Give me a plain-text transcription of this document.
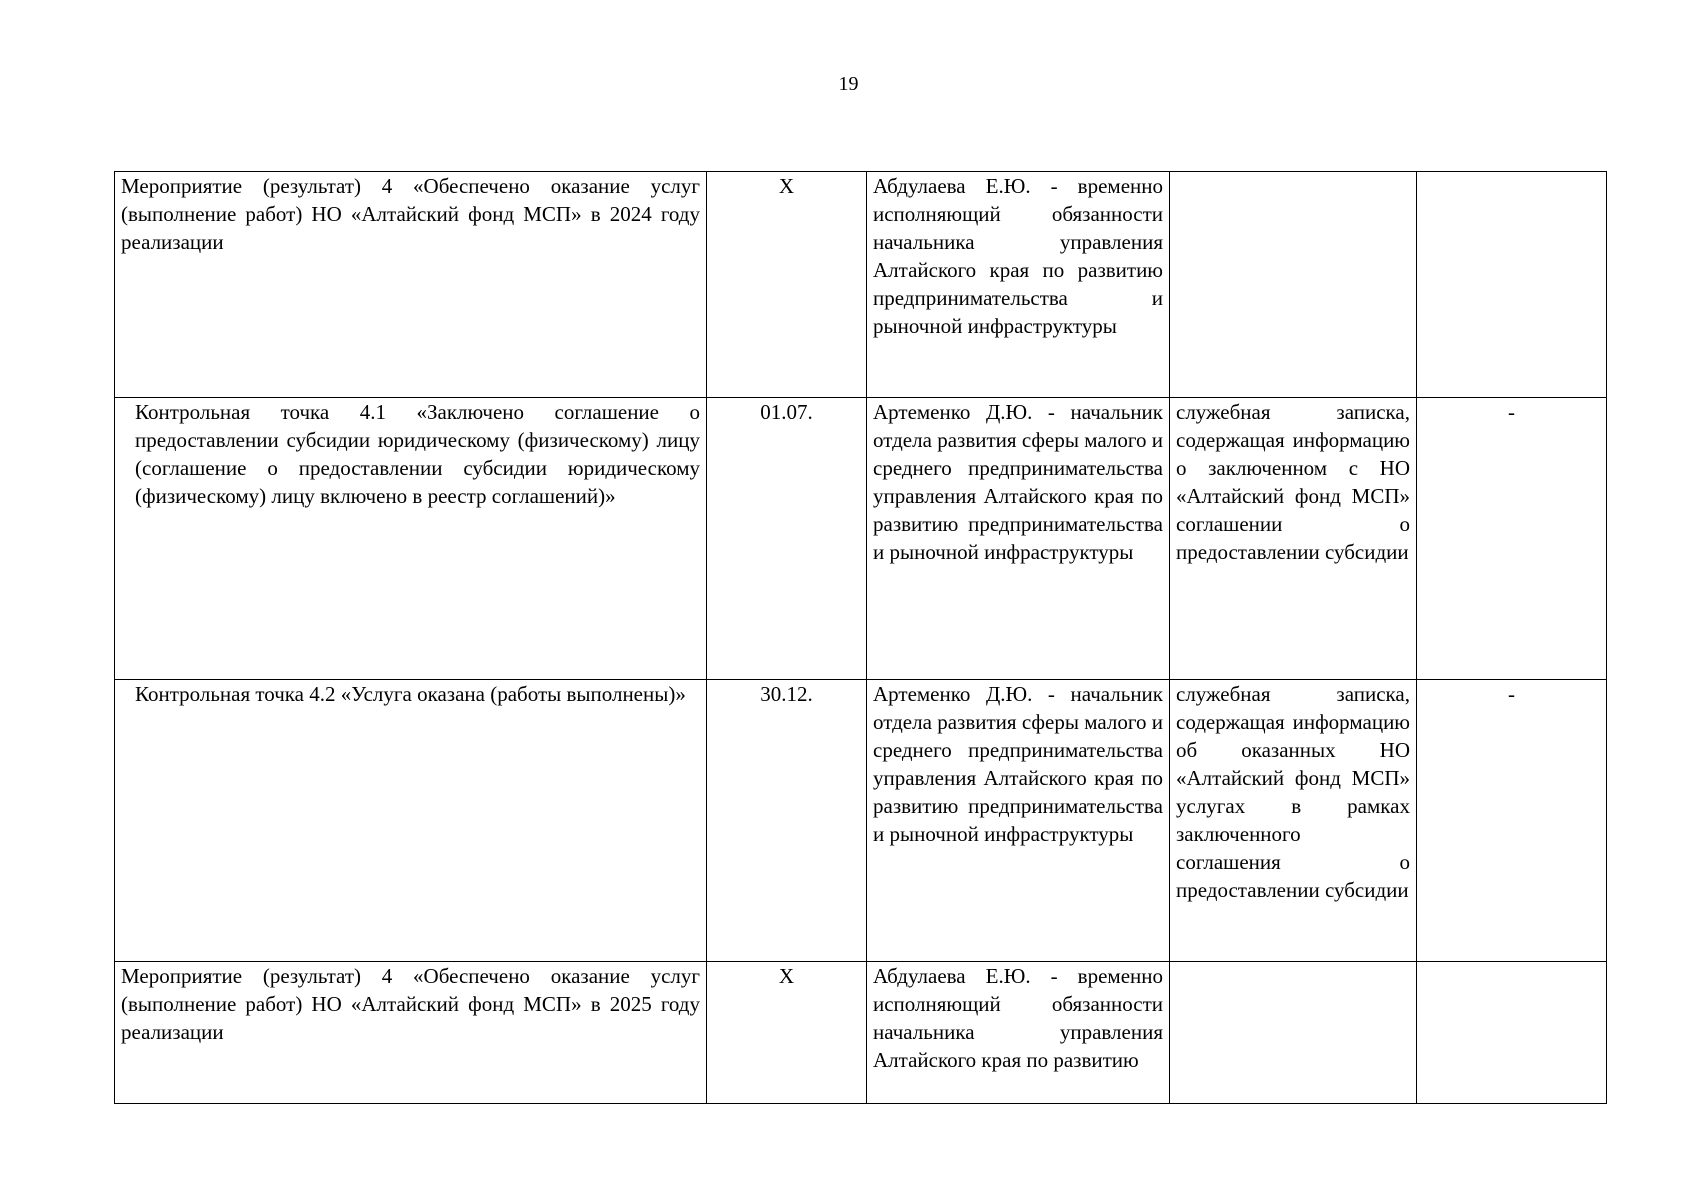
19
Мероприятие (результат) 4 «Обеспечено оказание услуг (выполнение работ) НО «Алтайский фонд МСП» в 2024 году реализации	X	Абдулаева Е.Ю. - временно исполняющий обязанности начальника управления Алтайского края по развитию предпринимательства и рыночной инфраструктуры		

Контрольная точка 4.1 «Заключено соглашение о предоставлении субсидии юридическому (физическому) лицу (соглашение о предоставлении субсидии юридическому (физическому) лицу включено в реестр соглашений)»	01.07.	Артеменко Д.Ю. - начальник отдела развития сферы малого и среднего предпринимательства управления Алтайского края по развитию предпринимательства и рыночной инфраструктуры	служебная записка, содержащая информацию о заключенном с НО «Алтайский фонд МСП» соглашении о предоставлении субсидии	-

Контрольная точка 4.2 «Услуга оказана (работы выполнены)»	30.12.	Артеменко Д.Ю. - начальник отдела развития сферы малого и среднего предпринимательства управления Алтайского края по развитию предпринимательства и рыночной инфраструктуры	служебная записка, содержащая информацию об оказанных НО «Алтайский фонд МСП» услугах в рамках заключенного соглашения о предоставлении субсидии	-

Мероприятие (результат) 4 «Обеспечено оказание услуг (выполнение работ) НО «Алтайский фонд МСП» в 2025 году реализации	X	Абдулаева Е.Ю. - временно исполняющий обязанности начальника управления Алтайского края по развитию		
